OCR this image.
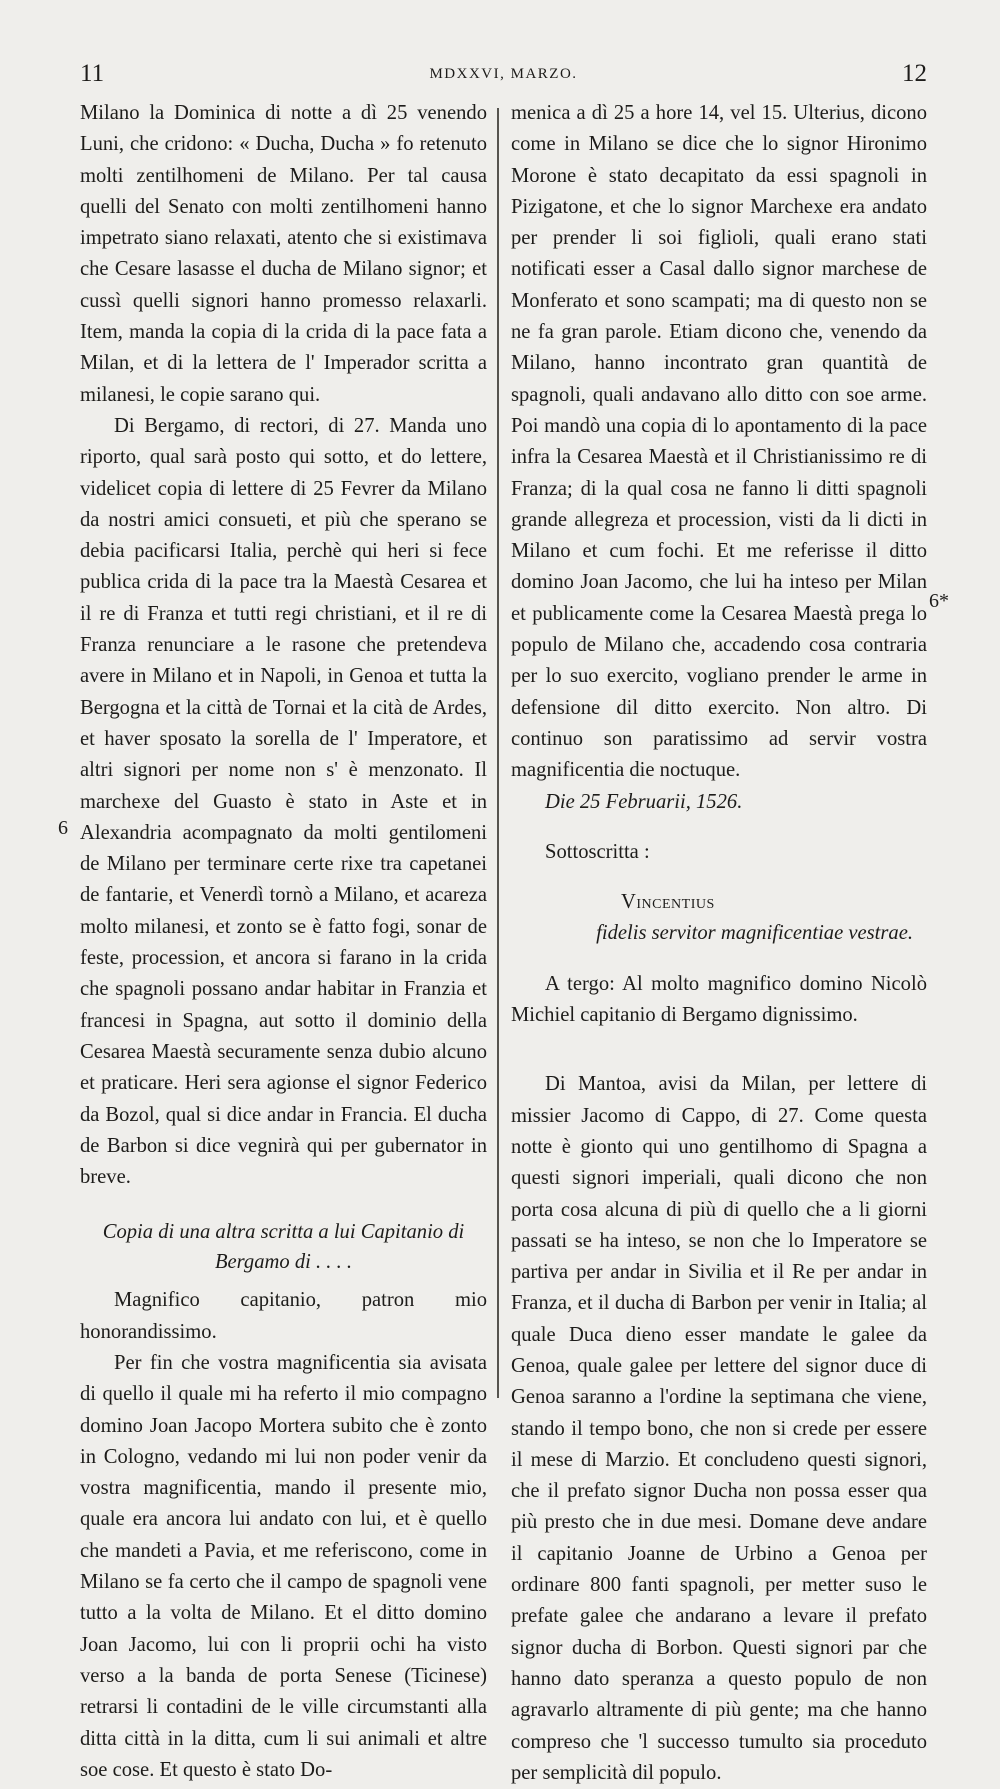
11	MDXXVI, MARZO.	12
6
6*

Milano la Dominica di notte a dì 25 venendo Luni, che cridono: « Ducha, Ducha » fo retenuto molti zentilhomeni de Milano. Per tal causa quelli del Senato con molti zentilhomeni hanno impetrato siano relaxati, atento che si existimava che Cesare lasasse el ducha de Milano signor; et cussì quelli signori hanno promesso relaxarli. Item, manda la copia di la crida di la pace fata a Milan, et di la lettera de l' Imperador scritta a milanesi, le copie sarano qui.

Di Bergamo, di rectori, di 27. Manda uno riporto, qual sarà posto qui sotto, et do lettere, videlicet copia di lettere di 25 Fevrer da Milano da nostri amici consueti, et più che sperano se debia pacificarsi Italia, perchè qui heri si fece publica crida di la pace tra la Maestà Cesarea et il re di Franza et tutti regi christiani, et il re di Franza renunciare a le rasone che pretendeva avere in Milano et in Napoli, in Genoa et tutta la Bergogna et la città de Tornai et la cità de Ardes, et haver sposato la sorella de l' Imperatore, et altri signori per nome non s' è menzonato. Il marchexe del Guasto è stato in Aste et in Alexandria acompagnato da molti gentilomeni de Milano per terminare certe rixe tra capetanei de fantarie, et Venerdì tornò a Milano, et acareza molto milanesi, et zonto se è fatto fogi, sonar de feste, procession, et ancora si farano in la crida che spagnoli possano andar habitar in Franzia et francesi in Spagna, aut sotto il dominio della Cesarea Maestà securamente senza dubio alcuno et praticare. Heri sera agionse el signor Federico da Bozol, qual si dice andar in Francia. El ducha de Barbon si dice vegnirà qui per gubernator in breve.

Copia di una altra scritta a lui Capitanio di Bergamo di . . . .

Magnifico capitanio, patron mio honorandissimo.

Per fin che vostra magnificentia sia avisata di quello il quale mi ha referto il mio compagno domino Joan Jacopo Mortera subito che è zonto in Cologno, vedando mi lui non poder venir da vostra magnificentia, mando il presente mio, quale era ancora lui andato con lui, et è quello che mandeti a Pavia, et me referiscono, come in Milano se fa certo che il campo de spagnoli vene tutto a la volta de Milano. Et el ditto domino Joan Jacomo, lui con li proprii ochi ha visto verso a la banda de porta Senese (Ticinese) retrarsi li contadini de le ville circumstanti alla ditta città in la ditta, cum li sui animali et altre soe cose. Et questo è stato Do-

menica a dì 25 a hore 14, vel 15. Ulterius, dicono come in Milano se dice che lo signor Hironimo Morone è stato decapitato da essi spagnoli in Pizigatone, et che lo signor Marchexe era andato per prender li soi figlioli, quali erano stati notificati esser a Casal dallo signor marchese de Monferato et sono scampati; ma di questo non se ne fa gran parole. Etiam dicono che, venendo da Milano, hanno incontrato gran quantità de spagnoli, quali andavano allo ditto con soe arme. Poi mandò una copia di lo apontamento di la pace infra la Cesarea Maestà et il Christianissimo re di Franza; di la qual cosa ne fanno li ditti spagnoli grande allegreza et procession, visti da li dicti in Milano et cum fochi. Et me referisse il ditto domino Joan Jacomo, che lui ha inteso per Milan et publicamente come la Cesarea Maestà prega lo populo de Milano che, accadendo cosa contraria per lo suo exercito, vogliano prender le arme in defensione dil ditto exercito. Non altro. Di continuo son paratissimo ad servir vostra magnificentia die noctuque.

Die 25 Februarii, 1526.

Sottoscritta :

Vincentius

fidelis servitor magnificentiae vestrae.

A tergo: Al molto magnifico domino Nicolò Michiel capitanio di Bergamo dignissimo.

Di Mantoa, avisi da Milan, per lettere di missier Jacomo di Cappo, di 27. Come questa notte è gionto qui uno gentilhomo di Spagna a questi signori imperiali, quali dicono che non porta cosa alcuna di più di quello che a li giorni passati se ha inteso, se non che lo Imperatore se partiva per andar in Sivilia et il Re per andar in Franza, et il ducha di Barbon per venir in Italia; al quale Duca dieno esser mandate le galee da Genoa, quale galee per lettere del signor duce di Genoa saranno a l'ordine la septimana che viene, stando il tempo bono, che non si crede per essere il mese di Marzio. Et concludeno questi signori, che il prefato signor Ducha non possa esser qua più presto che in due mesi. Domane deve andare il capitanio Joanne de Urbino a Genoa per ordinare 800 fanti spagnoli, per metter suso le prefate galee che andarano a levare il prefato signor ducha di Borbon. Questi signori par che hanno dato speranza a questo populo de non agravarlo altramente di più gente; ma che hanno compreso che 'l successo tumulto sia proceduto per semplicità dil populo.
